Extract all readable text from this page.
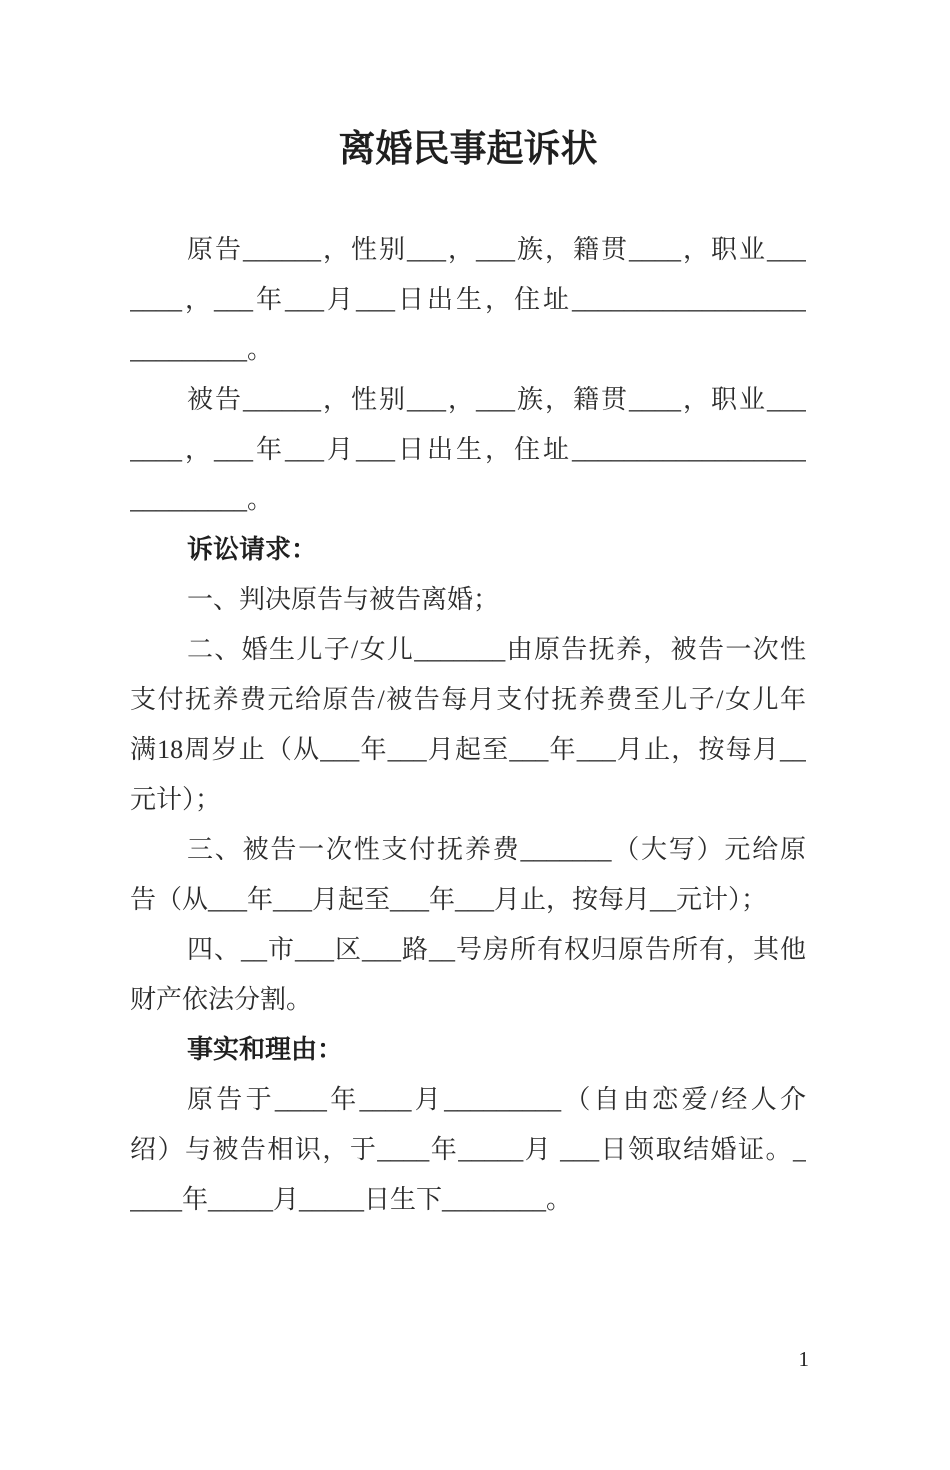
离婚民事起诉状
原告______，性别___，___族，籍贯____，职业___
____，___年___月___日出生，住址__________________
_________。
被告______，性别___，___族，籍贯____，职业___
____，___年___月___日出生，住址__________________
_________。
诉讼请求：
一、判决原告与被告离婚；
二、婚生儿子/女儿_______由原告抚养，被告一次性
支付抚养费元给原告/被告每月支付抚养费至儿子/女儿年
满18周岁止（从___年___月起至___年___月止，按每月__
元计）；
三、被告一次性支付抚养费_______（大写）元给原
告（从___年___月起至___年___月止，按每月__元计）；
四、__市___区___路__号房所有权归原告所有，其他
财产依法分割。
事实和理由：
原告于____年____月_________（自由恋爱/经人介
绍）与被告相识，于____年_____月 ___日领取结婚证。_
____年_____月_____日生下________。
1
